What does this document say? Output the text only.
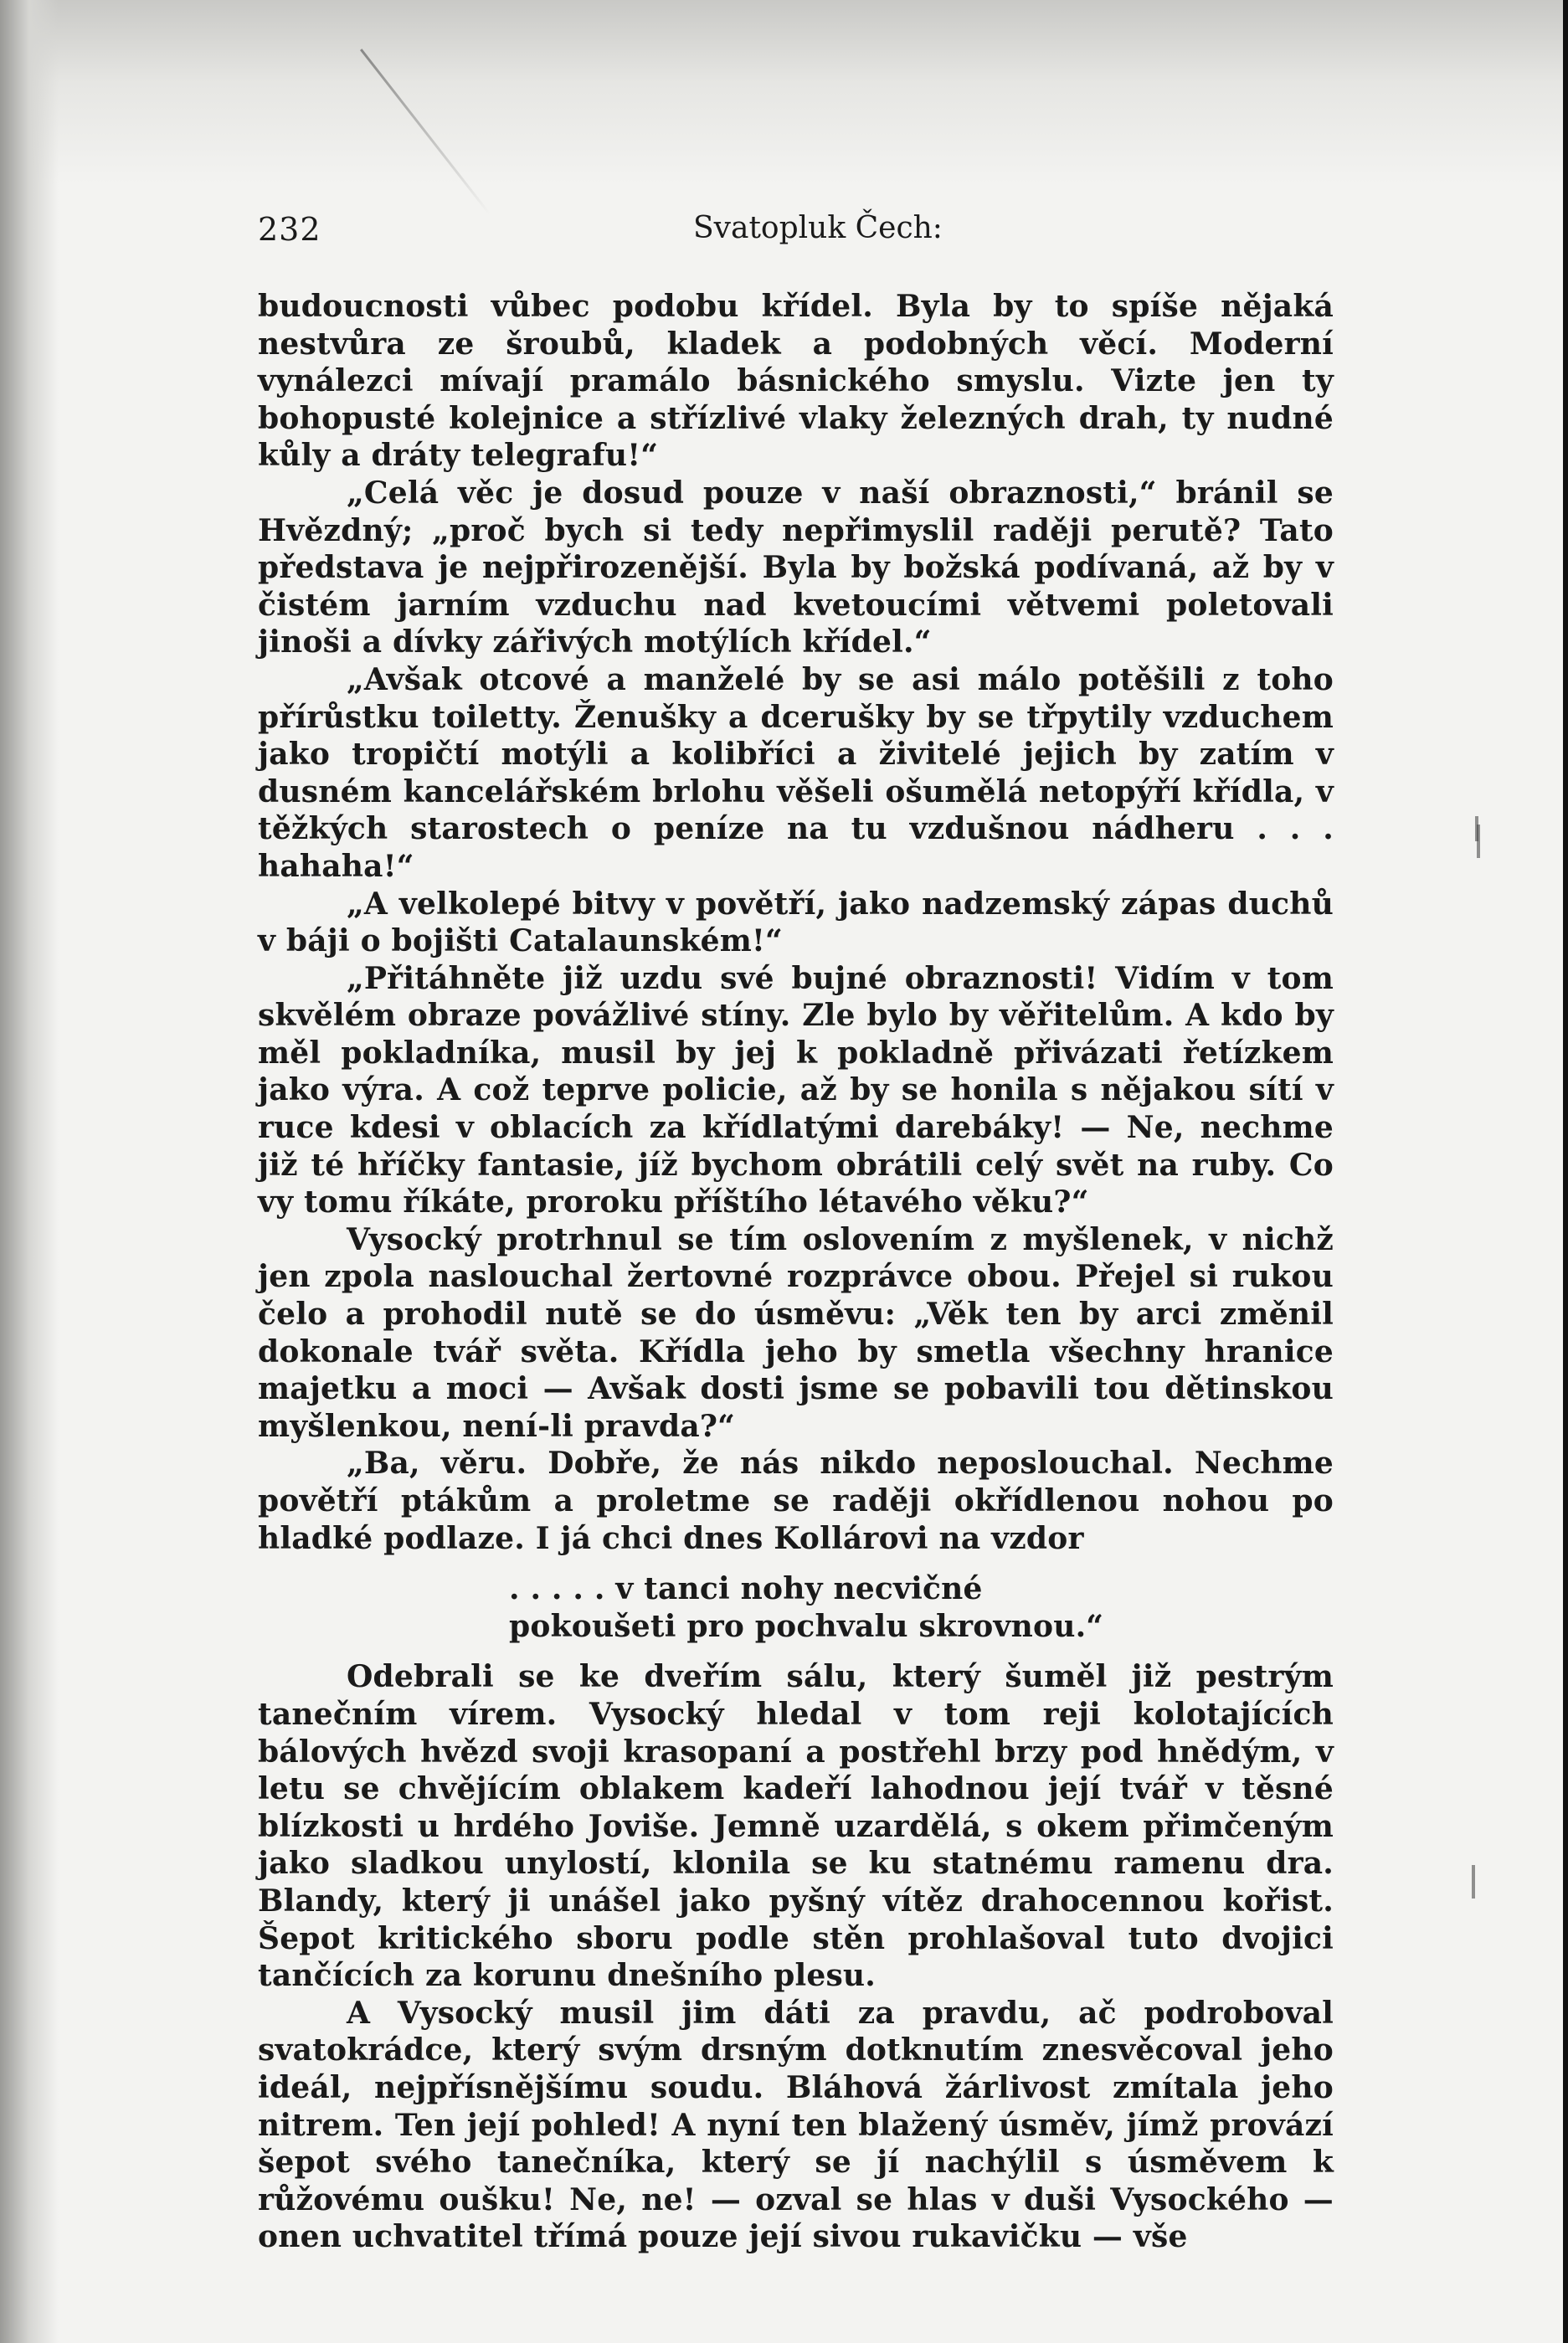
232	Svatopluk Čech:

budoucnosti vůbec podobu křídel. Byla by to spíše nějaká nestvůra ze šroubů, kladek a podobných věcí. Moderní vynálezci mívají pramálo básnického smyslu. Vizte jen ty bohopusté kolejnice a střízlivé vlaky železných drah, ty nudné kůly a dráty telegrafu!“

„Celá věc je dosud pouze v naší obraznosti,“ bránil se Hvězdný; „proč bych si tedy nepřimyslil raději perutě? Tato představa je nejpřirozenější. Byla by božská podívaná, až by v čistém jarním vzduchu nad kvetoucími větvemi poletovali jinoši a dívky zářivých motýlích křídel.“

„Avšak otcové a manželé by se asi málo potěšili z toho přírůstku toiletty. Ženušky a dcerušky by se třpytily vzduchem jako tropičtí motýli a kolibříci a živitelé jejich by zatím v dusném kancelářském brlohu věšeli ošumělá netopýří křídla, v těžkých starostech o peníze na tu vzdušnou nádheru . . . hahaha!“

„A velkolepé bitvy v povětří, jako nadzemský zápas duchů v báji o bojišti Catalaunském!“

„Přitáhněte již uzdu své bujné obraznosti! Vidím v tom skvělém obraze povážlivé stíny. Zle bylo by věřitelům. A kdo by měl pokladníka, musil by jej k pokladně přivázati řetízkem jako výra. A což teprve policie, až by se honila s nějakou sítí v ruce kdesi v oblacích za křídlatými darebáky! — Ne, nechme již té hříčky fantasie, jíž bychom obrátili celý svět na ruby. Co vy tomu říkáte, proroku příštího létavého věku?“

Vysocký protrhnul se tím oslovením z myšlenek, v nichž jen zpola naslouchal žertovné rozprávce obou. Přejel si rukou čelo a prohodil nutě se do úsměvu: „Věk ten by arci změnil dokonale tvář světa. Křídla jeho by smetla všechny hranice majetku a moci — Avšak dosti jsme se pobavili tou dětinskou myšlenkou, není-li pravda?“

„Ba, věru. Dobře, že nás nikdo neposlouchal. Nechme povětří ptákům a proletme se raději okřídlenou nohou po hladké podlaze. I já chci dnes Kollárovi na vzdor

. . . . . v tanci nohy necvičné
pokoušeti pro pochvalu skrovnou.“

Odebrali se ke dveřím sálu, který šuměl již pestrým tanečním vírem. Vysocký hledal v tom reji kolotajících bálových hvězd svoji krasopaní a postřehl brzy pod hnědým, v letu se chvějícím oblakem kadeří lahodnou její tvář v těsné blízkosti u hrdého Joviše. Jemně uzardělá, s okem přimčeným jako sladkou unylostí, klonila se ku statnému ramenu dra. Blandy, který ji unášel jako pyšný vítěz drahocennou kořist. Šepot kritického sboru podle stěn prohlašoval tuto dvojici tančících za korunu dnešního plesu.

A Vysocký musil jim dáti za pravdu, ač podroboval svatokrádce, který svým drsným dotknutím znesvěcoval jeho ideál, nejpřísnějšímu soudu. Bláhová žárlivost zmítala jeho nitrem. Ten její pohled! A nyní ten blažený úsměv, jímž provází šepot svého tanečníka, který se jí nachýlil s úsměvem k růžovému oušku! Ne, ne! — ozval se hlas v duši Vysockého — onen uchvatitel třímá pouze její sivou rukavičku — vše
